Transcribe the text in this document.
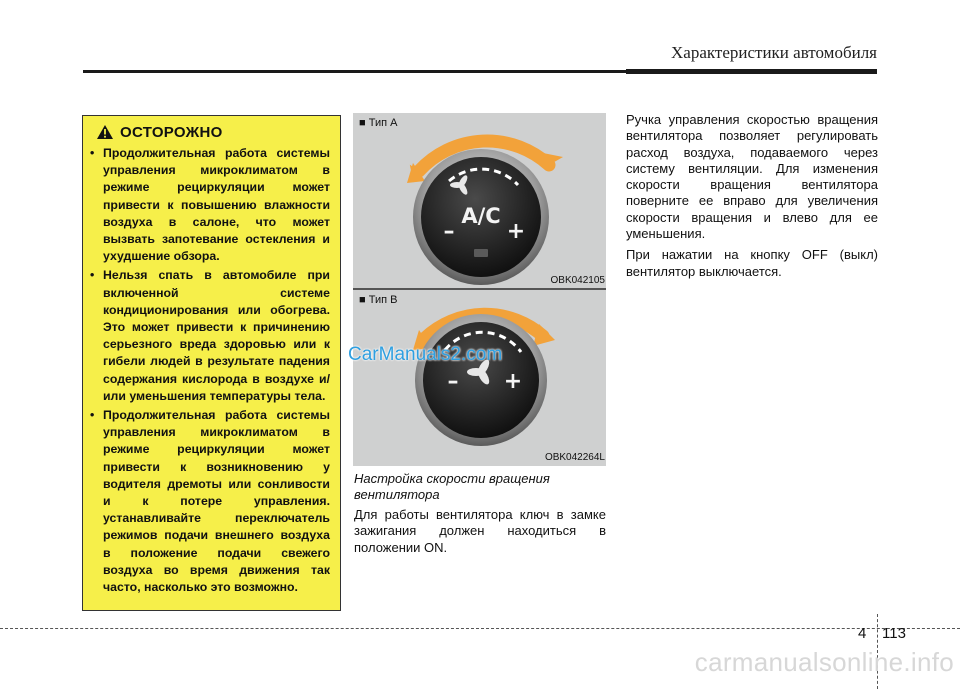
Характеристики автомобиля
ОСТОРОЖНО
• Продолжительная работа системы управления микроклиматом в режиме рециркуляции может привести к повышению влажности воздуха в салоне, что может вызвать запотевание остекления и ухудшение обзора.
• Нельзя спать в автомобиле при включенной системе кондиционирования или обогрева. Это может привести к причинению серьезного вреда здоровью или к гибели людей в результате падения содержания кислорода в воздухе и/или уменьшения температуры тела.
• Продолжительная работа системы управления микроклиматом в режиме рециркуляции может привести к возникновению у водителя дремоты или сонливости и к потере управления. устанавливайте переключатель режимов подачи внешнего воздуха в положение подачи свежего воздуха во время движения так часто, насколько это возможно.
A/C
– +
■ Тип A
OBK042105
– +
■ Тип B
OBK042264L
CarManuals2.com
Настройка скорости вращения вентилятора

Для работы вентилятора ключ в замке зажигания должен находиться в положении ON.

Ручка управления скоростью вращения вентилятора позволяет регулировать расход воздуха, подаваемого через систему вентиляции. Для изменения скорости вращения вентилятора поверните ее вправо для увеличения скорости вращения и влево для ее уменьшения.

При нажатии на кнопку OFF (выкл) вентилятор выключается.

4 113
carmanualsonline.info
